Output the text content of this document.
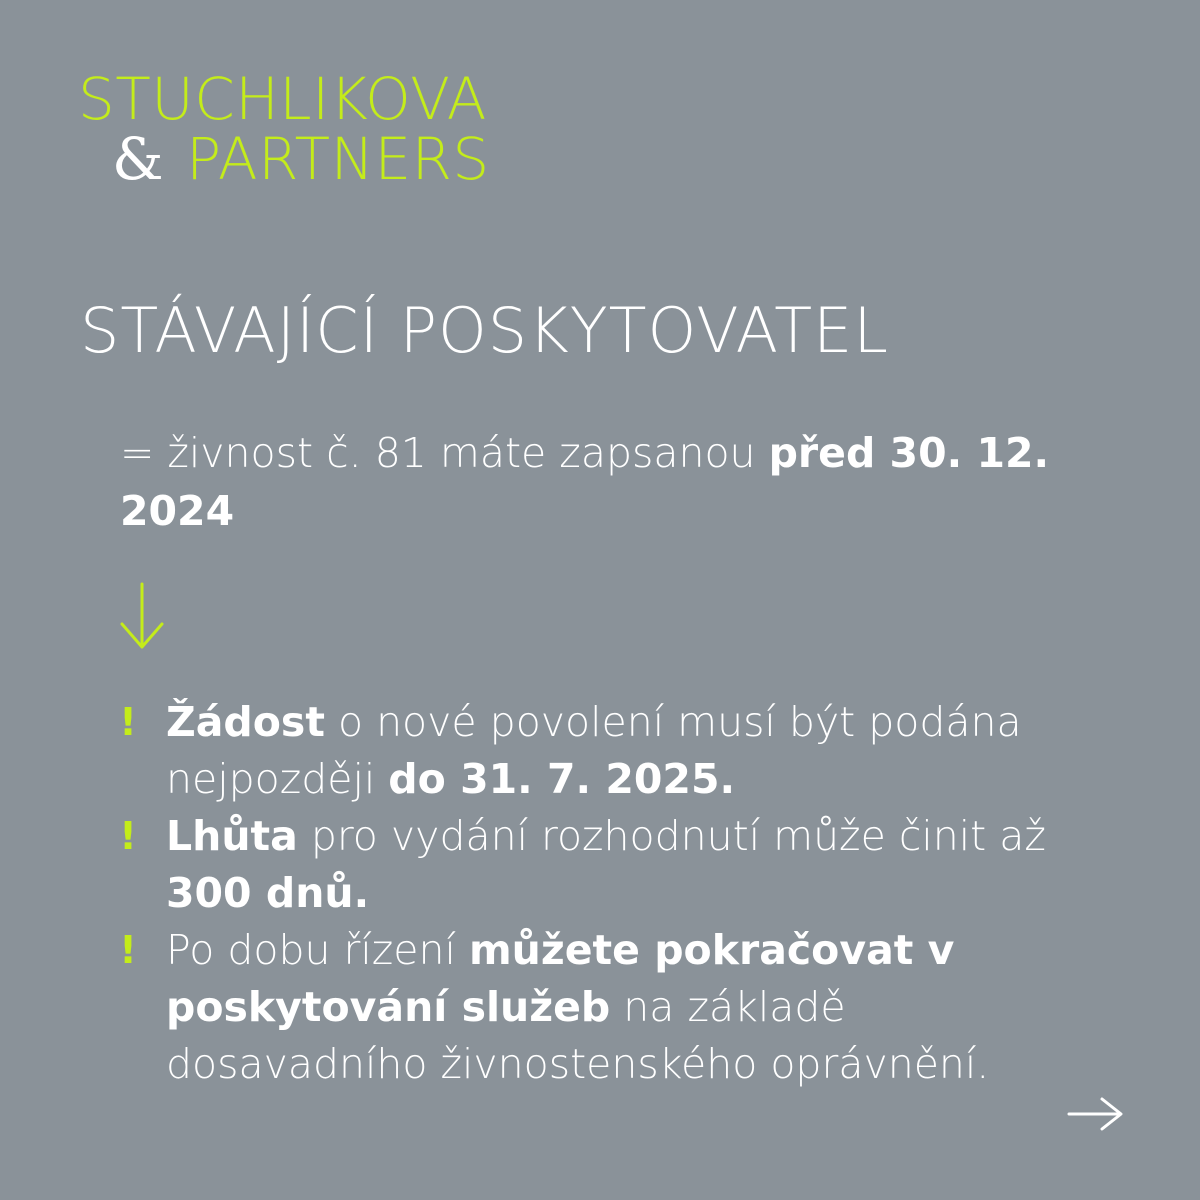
STUCHLIKOVA
& PARTNERS
STÁVAJÍCÍ POSKYTOVATEL
= živnost č. 81 máte zapsanou před 30. 12. 2024
! Žádost o nové povolení musí být podána nejpozději do 31. 7. 2025.
! Lhůta pro vydání rozhodnutí může činit až 300 dnů.
! Po dobu řízení můžete pokračovat v poskytování služeb na základě dosavadního živnostenského oprávnění.
